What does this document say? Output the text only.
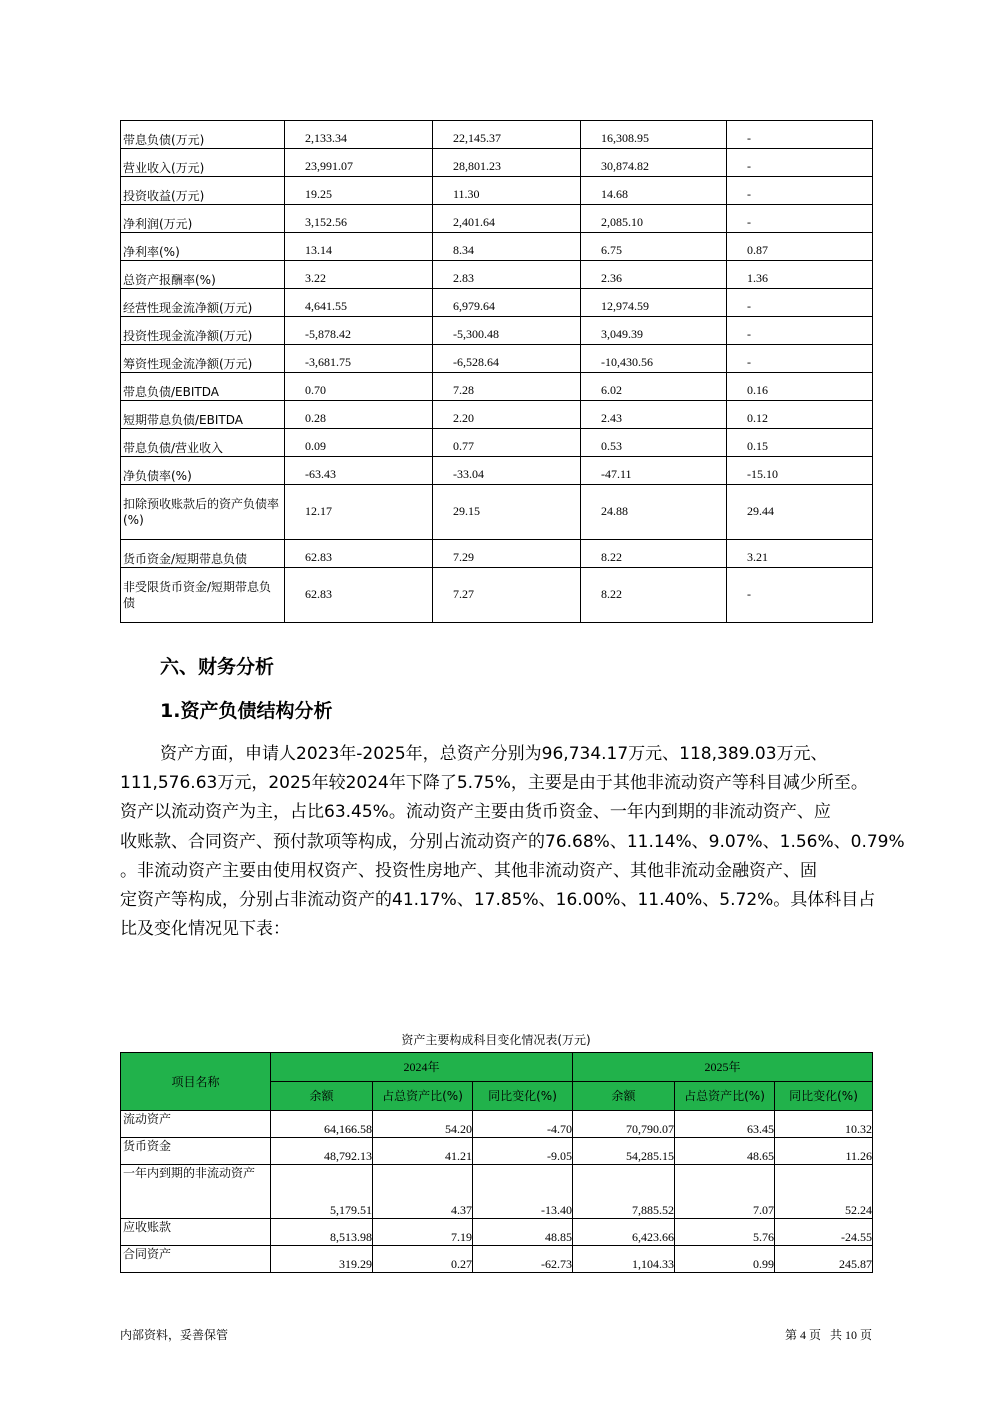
带息负债(万元)	2,133.34	22,145.37	16,308.95	-
营业收入(万元)	23,991.07	28,801.23	30,874.82	-
投资收益(万元)	19.25	11.30	14.68	-
净利润(万元)	3,152.56	2,401.64	2,085.10	-
净利率(%)	13.14	8.34	6.75	0.87
总资产报酬率(%)	3.22	2.83	2.36	1.36
经营性现金流净额(万元)	4,641.55	6,979.64	12,974.59	-
投资性现金流净额(万元)	-5,878.42	-5,300.48	3,049.39	-
筹资性现金流净额(万元)	-3,681.75	-6,528.64	-10,430.56	-
带息负债/EBITDA	0.70	7.28	6.02	0.16
短期带息负债/EBITDA	0.28	2.20	2.43	0.12
带息负债/营业收入	0.09	0.77	0.53	0.15
净负债率(%)	-63.43	-33.04	-47.11	-15.10
扣除预收账款后的资产负债率(%)	12.17	29.15	24.88	29.44
货币资金/短期带息负债	62.83	7.29	8.22	3.21
非受限货币资金/短期带息负债	62.83	7.27	8.22	-
六、财务分析
1.资产负债结构分析
资产方面，申请人2023年-2025年，总资产分别为96,734.17万元、118,389.03万元、
111,576.63万元，2025年较2024年下降了5.75%，主要是由于其他非流动资产等科目减少所至。
资产以流动资产为主，占比63.45%。流动资产主要由货币资金、一年内到期的非流动资产、应
收账款、合同资产、预付款项等构成，分别占流动资产的76.68%、11.14%、9.07%、1.56%、0.79%
。非流动资产主要由使用权资产、投资性房地产、其他非流动资产、其他非流动金融资产、固
定资产等构成，分别占非流动资产的41.17%、17.85%、16.00%、11.40%、5.72%。具体科目占
比及变化情况见下表：
资产主要构成科目变化情况表(万元)
项目名称	2024年			2025年		
	余额	占总资产比(%)	同比变化(%)	余额	占总资产比(%)	同比变化(%)
流动资产	64,166.58	54.20	-4.70	70,790.07	63.45	10.32
货币资金	48,792.13	41.21	-9.05	54,285.15	48.65	11.26
一年内到期的非流动资产	5,179.51	4.37	-13.40	7,885.52	7.07	52.24
应收账款	8,513.98	7.19	48.85	6,423.66	5.76	-24.55
合同资产	319.29	0.27	-62.73	1,104.33	0.99	245.87
内部资料，妥善保管	第 4 页   共 10 页
